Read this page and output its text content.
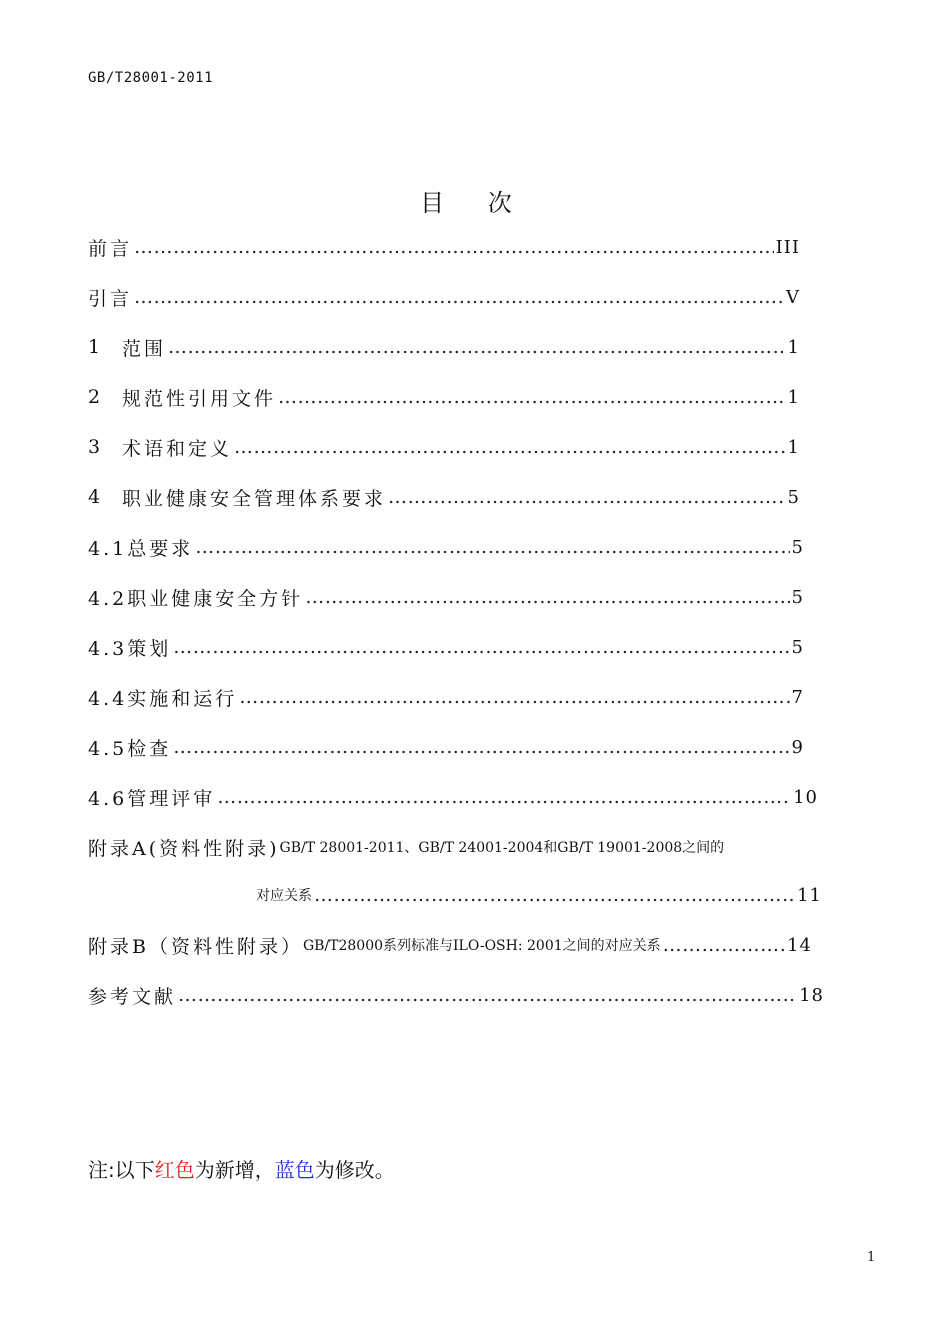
GB/T28001-2011
目 次
前言 …………………………………………………………………………………………………………………………………………………………………………………………	III
引言 …………………………………………………………………………………………………………………………………………………………………………………………	V
1	范围 …………………………………………………………………………………………………………………………………………………………………………………………	1
2	规范性引用文件 …………………………………………………………………………………………………………………………………………………………………………………………	1
3	术语和定义 …………………………………………………………………………………………………………………………………………………………………………………………	1
4	职业健康安全管理体系要求 …………………………………………………………………………………………………………………………………………………………………………………………	5
4.1总要求 …………………………………………………………………………………………………………………………………………………………………………………………	5
4.2职业健康安全方针 …………………………………………………………………………………………………………………………………………………………………………………………	5
4.3策划 …………………………………………………………………………………………………………………………………………………………………………………………	5
4.4实施和运行 …………………………………………………………………………………………………………………………………………………………………………………………	7
4.5检查 …………………………………………………………………………………………………………………………………………………………………………………………	9
4.6管理评审 …………………………………………………………………………………………………………………………………………………………………………………………	10
附录A(资料性附录) GB/T 28001-2011、GB/T 24001-2004和GB/T 19001-2008之间的
对应关系 …………………………………………………………………………………………………………………………………………………………………………………………	11
附录B（资料性附录） GB/T28000系列标准与ILO-OSH: 2001之间的对应关系 …………………………………………………………………………………………………………………………………………………………………………………………	14
参考文献 …………………………………………………………………………………………………………………………………………………………………………………………	18
注:以下红色为新增，蓝色为修改。
1
